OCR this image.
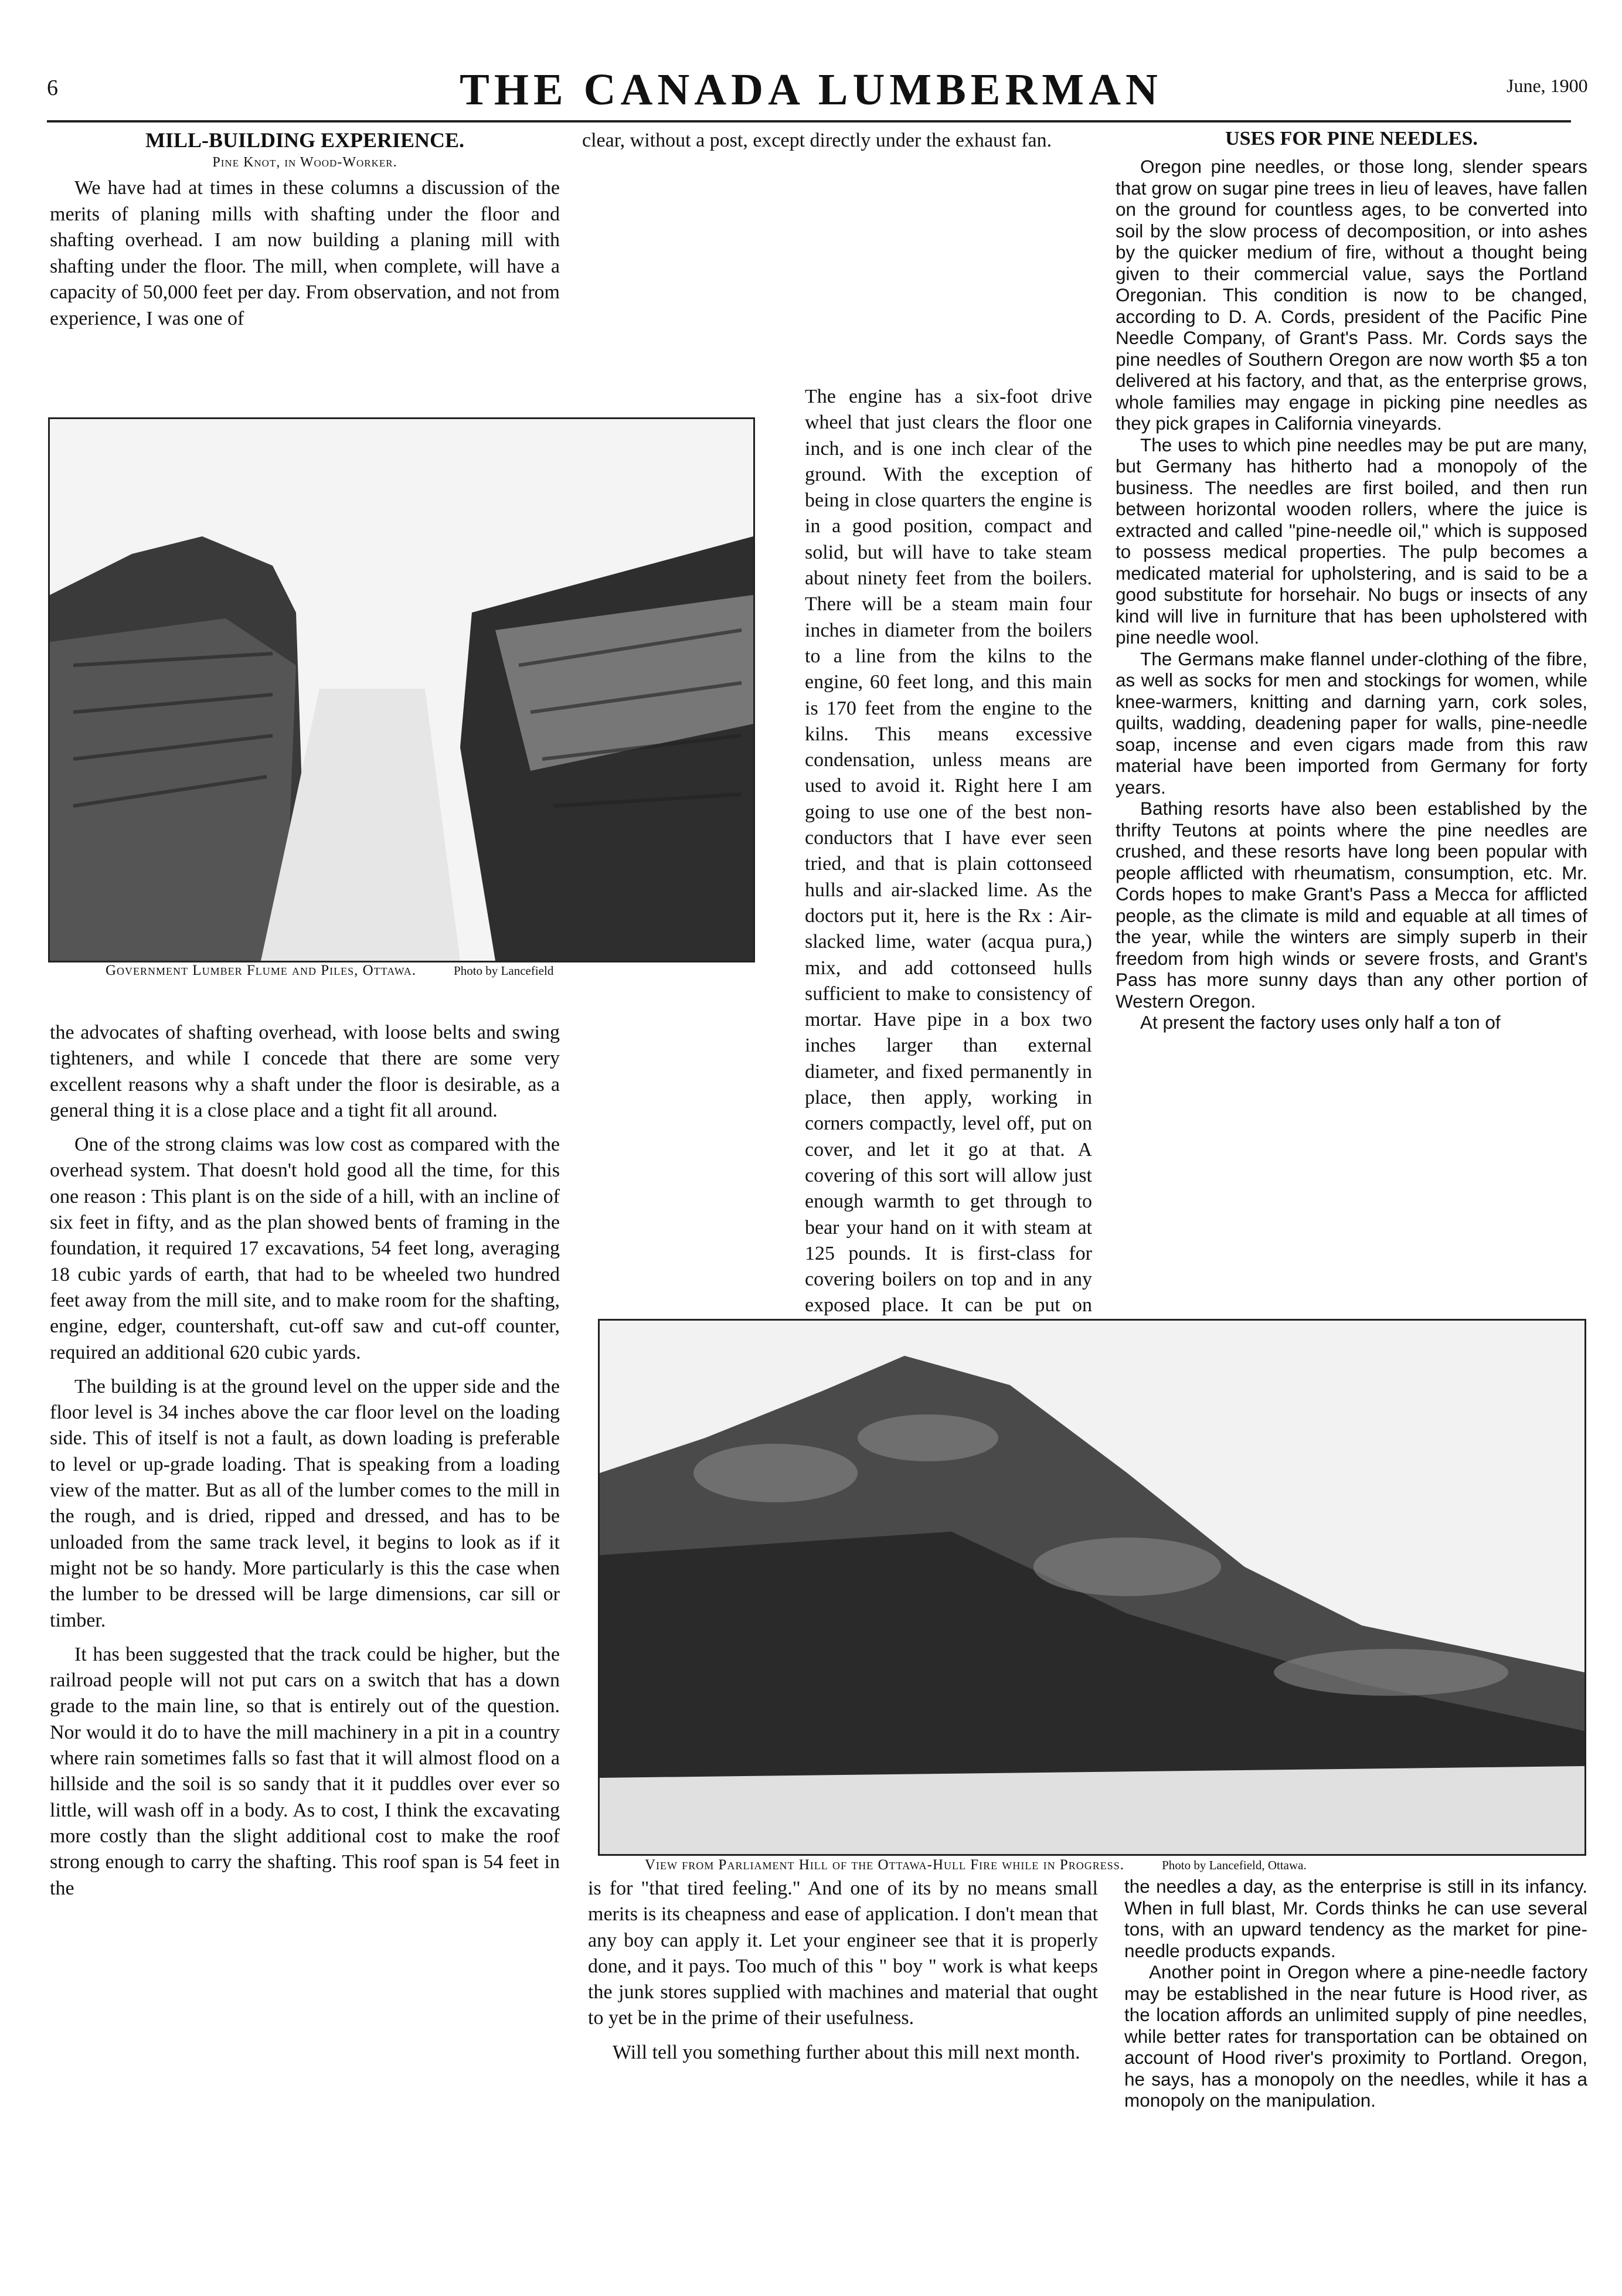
6	THE CANADA LUMBERMAN	June, 1900
MILL-BUILDING EXPERIENCE.
Pine Knot, in Wood-Worker.

We have had at times in these columns a discussion of the merits of planing mills with shafting under the floor and shafting overhead. I am now building a planing mill with shafting under the floor. The mill, when complete, will have a capacity of 50,000 feet per day. From observation, and not from experience, I was one of

clear, without a post, except directly under the exhaust fan.

Government Lumber Flume and Piles, Ottawa.	Photo by Lancefield

The engine has a six-foot drive wheel that just clears the floor one inch, and is one inch clear of the ground. With the exception of being in close quarters the engine is in a good position, compact and solid, but will have to take steam about ninety feet from the boilers. There will be a steam main four inches in diameter from the boilers to a line from the kilns to the engine, 60 feet long, and this main is 170 feet from the engine to the kilns. This means excessive condensation, unless means are used to avoid it. Right here I am going to use one of the best non-conductors that I have ever seen tried, and that is plain cottonseed hulls and air-slacked lime. As the doctors put it, here is the Rx : Air-slacked lime, water (acqua pura,) mix, and add cottonseed hulls sufficient to make to consistency of mortar. Have pipe in a box two inches larger than external diameter, and fixed permanently in place, then apply, working in corners compactly, level off, put on cover, and let it go at that. A covering of this sort will allow just enough warmth to get through to bear your hand on it with steam at 125 pounds. It is first-class for covering boilers on top and in any exposed place. It can be put on

the advocates of shafting overhead, with loose belts and swing tighteners, and while I concede that there are some very excellent reasons why a shaft under the floor is desirable, as a general thing it is a close place and a tight fit all around.

One of the strong claims was low cost as compared with the overhead system. That doesn't hold good all the time, for this one reason : This plant is on the side of a hill, with an incline of six feet in fifty, and as the plan showed bents of framing in the foundation, it required 17 excavations, 54 feet long, averaging 18 cubic yards of earth, that had to be wheeled two hundred feet away from the mill site, and to make room for the shafting, engine, edger, countershaft, cut-off saw and cut-off counter, required an additional 620 cubic yards.

The building is at the ground level on the upper side and the floor level is 34 inches above the car floor level on the loading side. This of itself is not a fault, as down loading is preferable to level or up-grade loading. That is speaking from a loading view of the matter. But as all of the lumber comes to the mill in the rough, and is dried, ripped and dressed, and has to be unloaded from the same track level, it begins to look as if it might not be so handy. More particularly is this the case when the lumber to be dressed will be large dimensions, car sill or timber.

It has been suggested that the track could be higher, but the railroad people will not put cars on a switch that has a down grade to the main line, so that is entirely out of the question. Nor would it do to have the mill machinery in a pit in a country where rain sometimes falls so fast that it will almost flood on a hillside and the soil is so sandy that it it puddles over ever so little, will wash off in a body. As to cost, I think the excavating more costly than the slight additional cost to make the roof strong enough to carry the shafting. This roof span is 54 feet in the	is for "that tired feeling." And one of its by no means small merits is its cheapness and ease of application. I don't mean that any boy can apply it. Let your engineer see that it is properly done, and it pays. Too much of this " boy " work is what keeps the junk stores supplied with machines and material that ought to yet be in the prime of their usefulness.

Will tell you something further about this mill next month.

USES FOR PINE NEEDLES.

Oregon pine needles, or those long, slender spears that grow on sugar pine trees in lieu of leaves, have fallen on the ground for countless ages, to be converted into soil by the slow process of decomposition, or into ashes by the quicker medium of fire, without a thought being given to their commercial value, says the Portland Oregonian. This condition is now to be changed, according to D. A. Cords, president of the Pacific Pine Needle Company, of Grant's Pass. Mr. Cords says the pine needles of Southern Oregon are now worth $5 a ton delivered at his factory, and that, as the enterprise grows, whole families may engage in picking pine needles as they pick grapes in California vineyards.

The uses to which pine needles may be put are many, but Germany has hitherto had a monopoly of the business. The needles are first boiled, and then run between horizontal wooden rollers, where the juice is extracted and called "pine-needle oil," which is supposed to possess medical properties. The pulp becomes a medicated material for upholstering, and is said to be a good substitute for horsehair. No bugs or insects of any kind will live in furniture that has been upholstered with pine needle wool.

The Germans make flannel under-clothing of the fibre, as well as socks for men and stockings for women, while knee-warmers, knitting and darning yarn, cork soles, quilts, wadding, deadening paper for walls, pine-needle soap, incense and even cigars made from this raw material have been imported from Germany for forty years.

Bathing resorts have also been established by the thrifty Teutons at points where the pine needles are crushed, and these resorts have long been popular with people afflicted with rheumatism, consumption, etc. Mr. Cords hopes to make Grant's Pass a Mecca for afflicted people, as the climate is mild and equable at all times of the year, while the winters are simply superb in their freedom from high winds or severe frosts, and Grant's Pass has more sunny days than any other portion of Western Oregon.

At present the factory uses only half a ton of

View from Parliament Hill of the Ottawa-Hull Fire while in Progress.	Photo by Lancefield, Ottawa.

the needles a day, as the enterprise is still in its infancy. When in full blast, Mr. Cords thinks he can use several tons, with an upward tendency as the market for pine-needle products expands.

Another point in Oregon where a pine-needle factory may be established in the near future is Hood river, as the location affords an unlimited supply of pine needles, while better rates for transportation can be obtained on account of Hood river's proximity to Portland. Oregon, he says, has a monopoly on the needles, while it has a monopoly on the manipulation.
